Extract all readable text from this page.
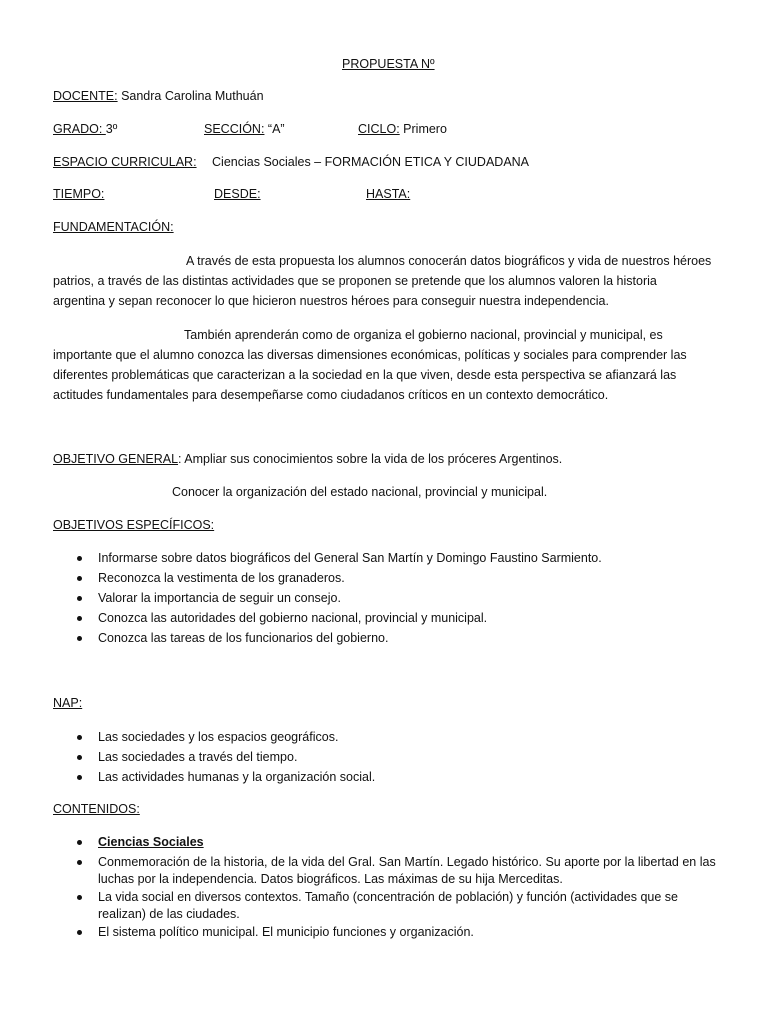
PROPUESTA Nº
DOCENTE: Sandra Carolina Muthuán
GRADO: 3º	SECCIÓN: “A”	CICLO: Primero
ESPACIO CURRICULAR: Ciencias Sociales – FORMACIÓN ETICA Y CIUDADANA
TIEMPO:	DESDE:	HASTA:
FUNDAMENTACIÓN:
A través de esta propuesta los alumnos conocerán datos biográficos y vida de nuestros héroes
patrios, a través de las distintas actividades que se proponen se pretende que los alumnos valoren la historia
argentina y sepan reconocer lo que hicieron nuestros héroes para conseguir nuestra independencia.
También aprenderán como de organiza el gobierno nacional, provincial y municipal, es
importante que el alumno conozca las diversas dimensiones económicas, políticas y sociales para comprender las
diferentes problemáticas que caracterizan a la sociedad en la que viven, desde esta perspectiva se afianzará las
actitudes fundamentales para desempeñarse como ciudadanos críticos en un contexto democrático.
OBJETIVO GENERAL: Ampliar sus conocimientos sobre la vida de los próceres Argentinos.
Conocer la organización del estado nacional, provincial y municipal.
OBJETIVOS ESPECÍFICOS:
Informarse sobre datos biográficos del General San Martín y Domingo Faustino Sarmiento.
Reconozca la vestimenta de los granaderos.
Valorar la importancia de seguir un consejo.
Conozca las autoridades del gobierno nacional, provincial y municipal.
Conozca las tareas de los funcionarios del gobierno.
NAP:
Las sociedades y los espacios geográficos.
Las sociedades a través del tiempo.
Las actividades humanas y la organización social.
CONTENIDOS:
Ciencias Sociales
Conmemoración de la historia, de la vida del Gral. San Martín. Legado histórico. Su aporte por la libertad en las luchas por la independencia. Datos biográficos. Las máximas de su hija Merceditas.
La vida social en diversos contextos. Tamaño (concentración de población) y función (actividades que se realizan) de las ciudades.
El sistema político municipal. El municipio funciones y organización.
